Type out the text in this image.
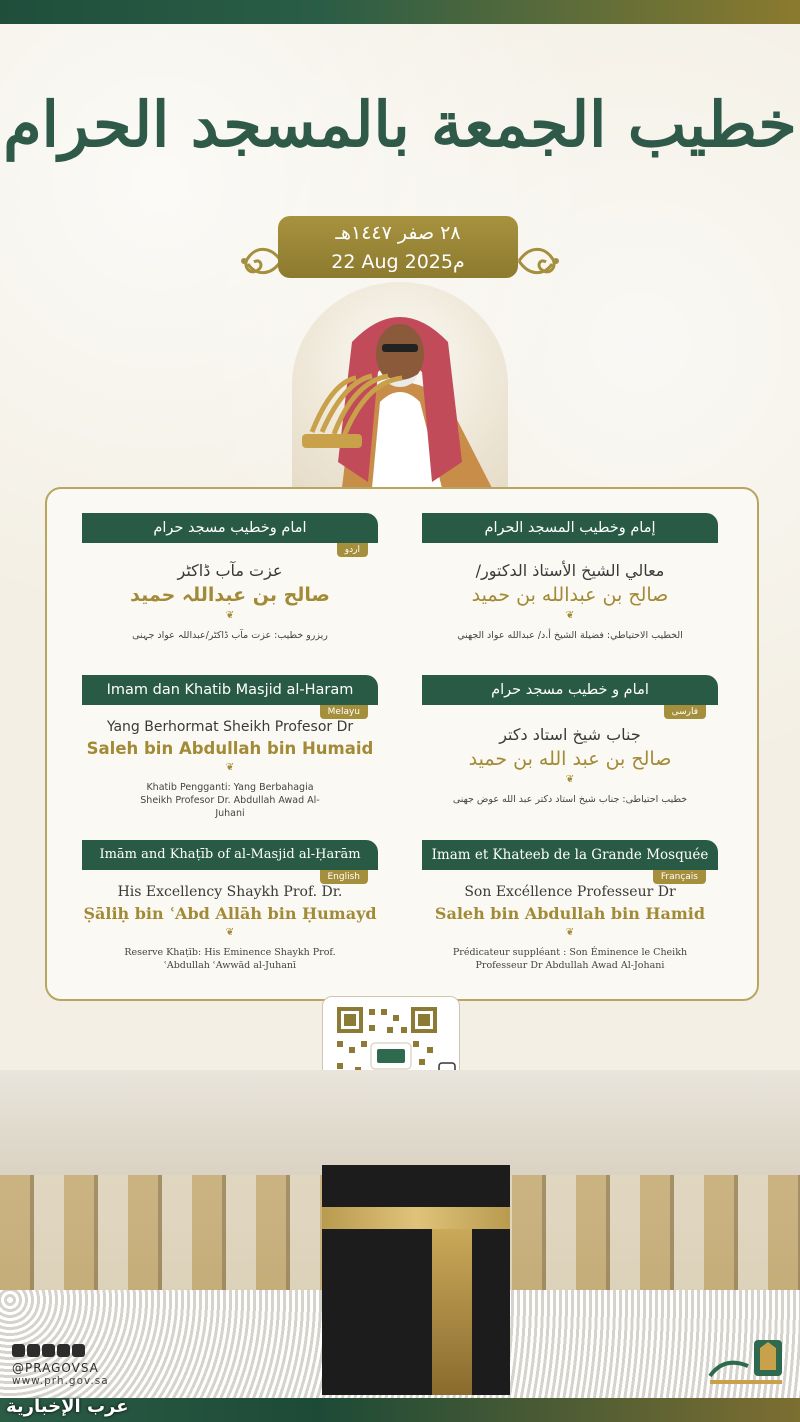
خطيب الجمعة بالمسجد الحرام
٢٨ صفر ١٤٤٧هـ
22 Aug 2025م
إمام وخطيب المسجد الحرام
معالي الشيخ الأستاذ الدكتور/
صالح بن عبدالله بن حميد
❦
الخطيب الاحتياطي: فضيلة الشيخ أ.د/ عبدالله عواد الجهني
امام وخطیب مسجد حرام
اردو
عزت مآب ڈاکٹر
صالح بن عبداللہ حمید
❦
ریزرو خطیب: عزت مآب ڈاکٹر/عبداللہ عواد جہنی
امام و خطیب مسجد حرام
فارسی
جناب شیخ استاد دکتر
صالح بن عبد الله بن حمید
❦
خطیب احتیاطی: جناب شیخ استاد دکتر عبد الله عوض جهنی
Imam dan Khatib Masjid al-Haram
Melayu
Yang Berhormat Sheikh Profesor Dr
Saleh bin Abdullah bin Humaid
❦
Khatib Pengganti: Yang Berbahagia Sheikh Profesor Dr. Abdullah Awad Al-Juhani
Imam et Khateeb de la Grande Mosquée
Français
Son Excéllence Professeur Dr
Saleh bin Abdullah bin Hamid
❦
Prédicateur suppléant : Son Éminence le Cheikh Professeur Dr Abdullah Awad Al-Johani
Imām and Khaṭīb of al-Masjid al-Ḥarām
English
His Excellency Shaykh Prof. Dr.
Ṣāliḥ bin ʿAbd Allāh bin Ḥumayd
❦
Reserve Khaṭīb: His Eminence Shaykh Prof. ʿAbdullah ʿAwwād al-Juhanī
@PRAGOVSA
www.prh.gov.sa
عرب الإخبارية
